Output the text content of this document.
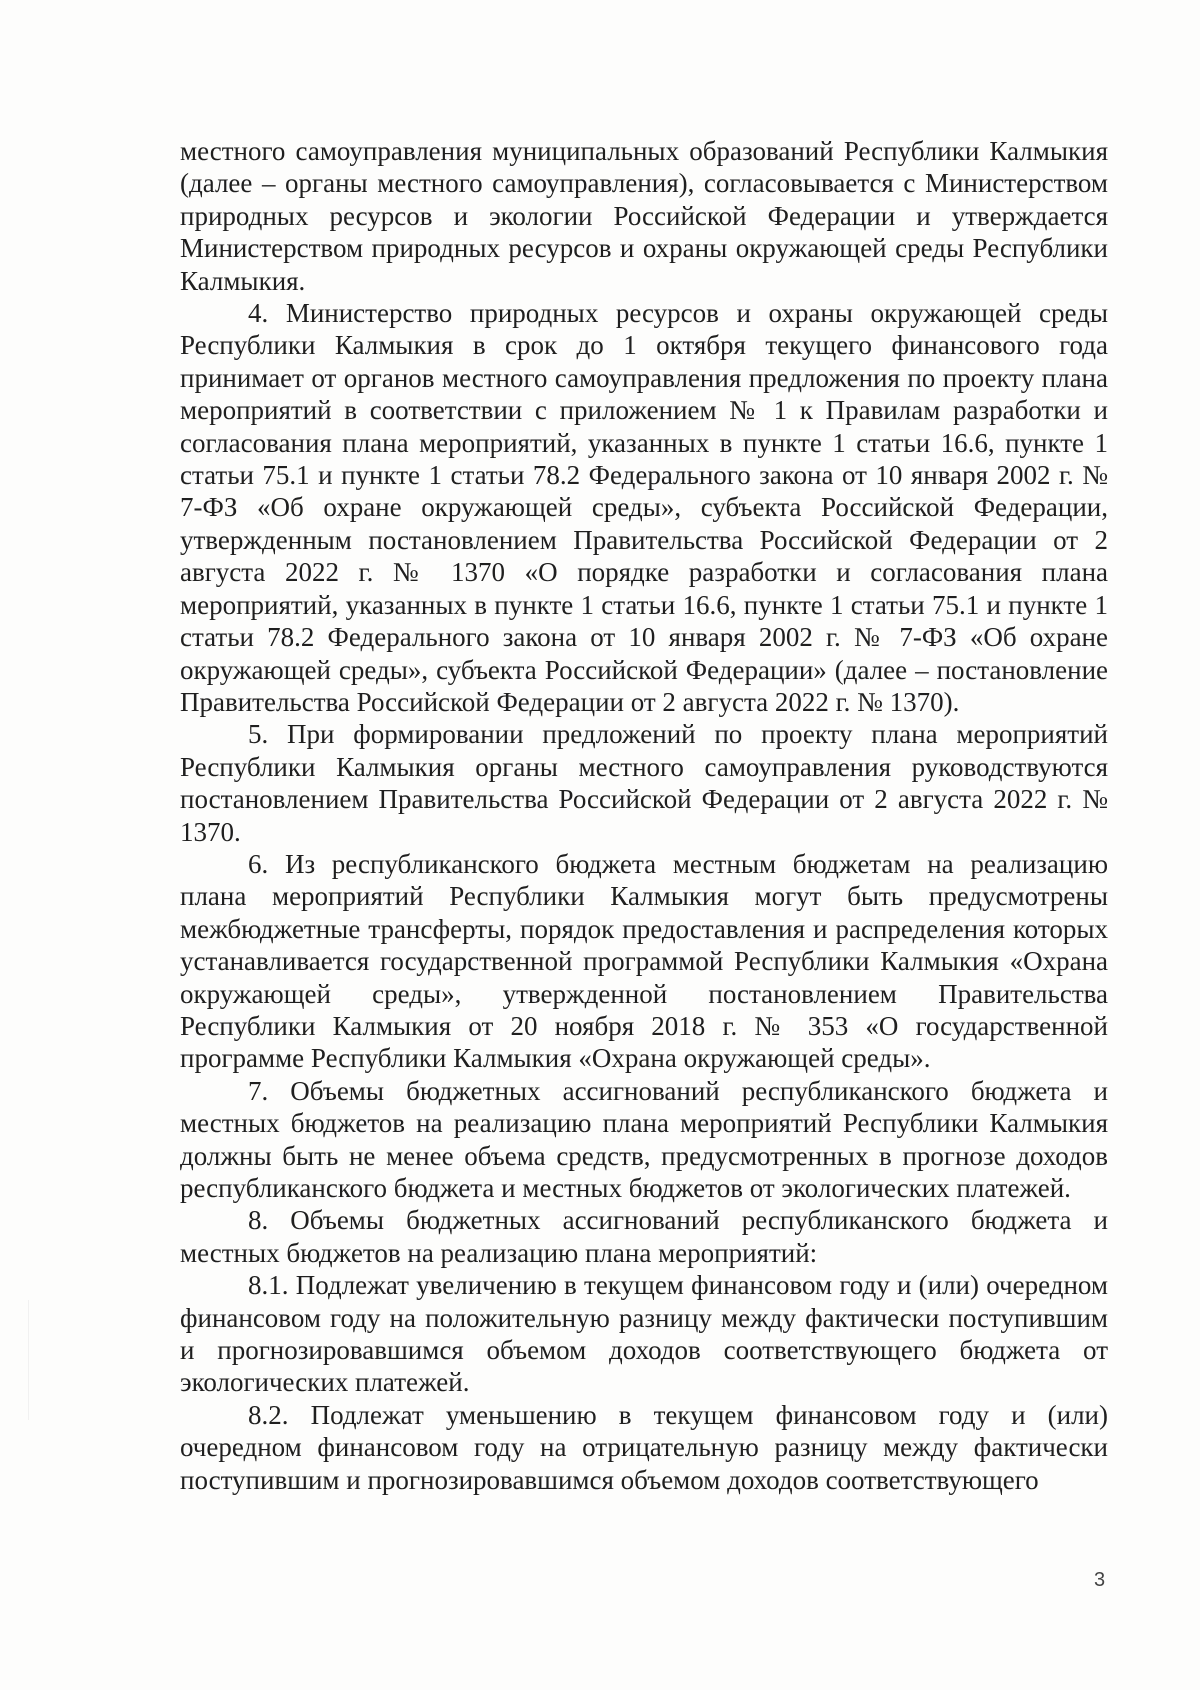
местного самоуправления муниципальных образований Республики Калмыкия (далее – органы местного самоуправления), согласовывается с Министерством природных ресурсов и экологии Российской Федерации и утверждается Министерством природных ресурсов и охраны окружающей среды Республики Калмыкия.

4. Министерство природных ресурсов и охраны окружающей среды Республики Калмыкия в срок до 1 октября текущего финансового года принимает от органов местного самоуправления предложения по проекту плана мероприятий в соответствии с приложением № 1 к Правилам разработки и согласования плана мероприятий, указанных в пункте 1 статьи 16.6, пункте 1 статьи 75.1 и пункте 1 статьи 78.2 Федерального закона от 10 января 2002 г. № 7-ФЗ «Об охране окружающей среды», субъекта Российской Федерации, утвержденным постановлением Правительства Российской Федерации от 2 августа 2022 г. № 1370 «О порядке разработки и согласования плана мероприятий, указанных в пункте 1 статьи 16.6, пункте 1 статьи 75.1 и пункте 1 статьи 78.2 Федерального закона от 10 января 2002 г. № 7-ФЗ «Об охране окружающей среды», субъекта Российской Федерации» (далее – постановление Правительства Российской Федерации от 2 августа 2022 г. № 1370).

5. При формировании предложений по проекту плана мероприятий Республики Калмыкия органы местного самоуправления руководствуются постановлением Правительства Российской Федерации от 2 августа 2022 г. № 1370.

6. Из республиканского бюджета местным бюджетам на реализацию плана мероприятий Республики Калмыкия могут быть предусмотрены межбюджетные трансферты, порядок предоставления и распределения которых устанавливается государственной программой Республики Калмыкия «Охрана окружающей среды», утвержденной постановлением Правительства Республики Калмыкия от 20 ноября 2018 г. № 353 «О государственной программе Республики Калмыкия «Охрана окружающей среды».

7. Объемы бюджетных ассигнований республиканского бюджета и местных бюджетов на реализацию плана мероприятий Республики Калмыкия должны быть не менее объема средств, предусмотренных в прогнозе доходов республиканского бюджета и местных бюджетов от экологических платежей.

8. Объемы бюджетных ассигнований республиканского бюджета и местных бюджетов на реализацию плана мероприятий:

8.1. Подлежат увеличению в текущем финансовом году и (или) очередном финансовом году на положительную разницу между фактически поступившим и прогнозировавшимся объемом доходов соответствующего бюджета от экологических платежей.

8.2. Подлежат уменьшению в текущем финансовом году и (или) очередном финансовом году на отрицательную разницу между фактически поступившим и прогнозировавшимся объемом доходов соответствующего

3
